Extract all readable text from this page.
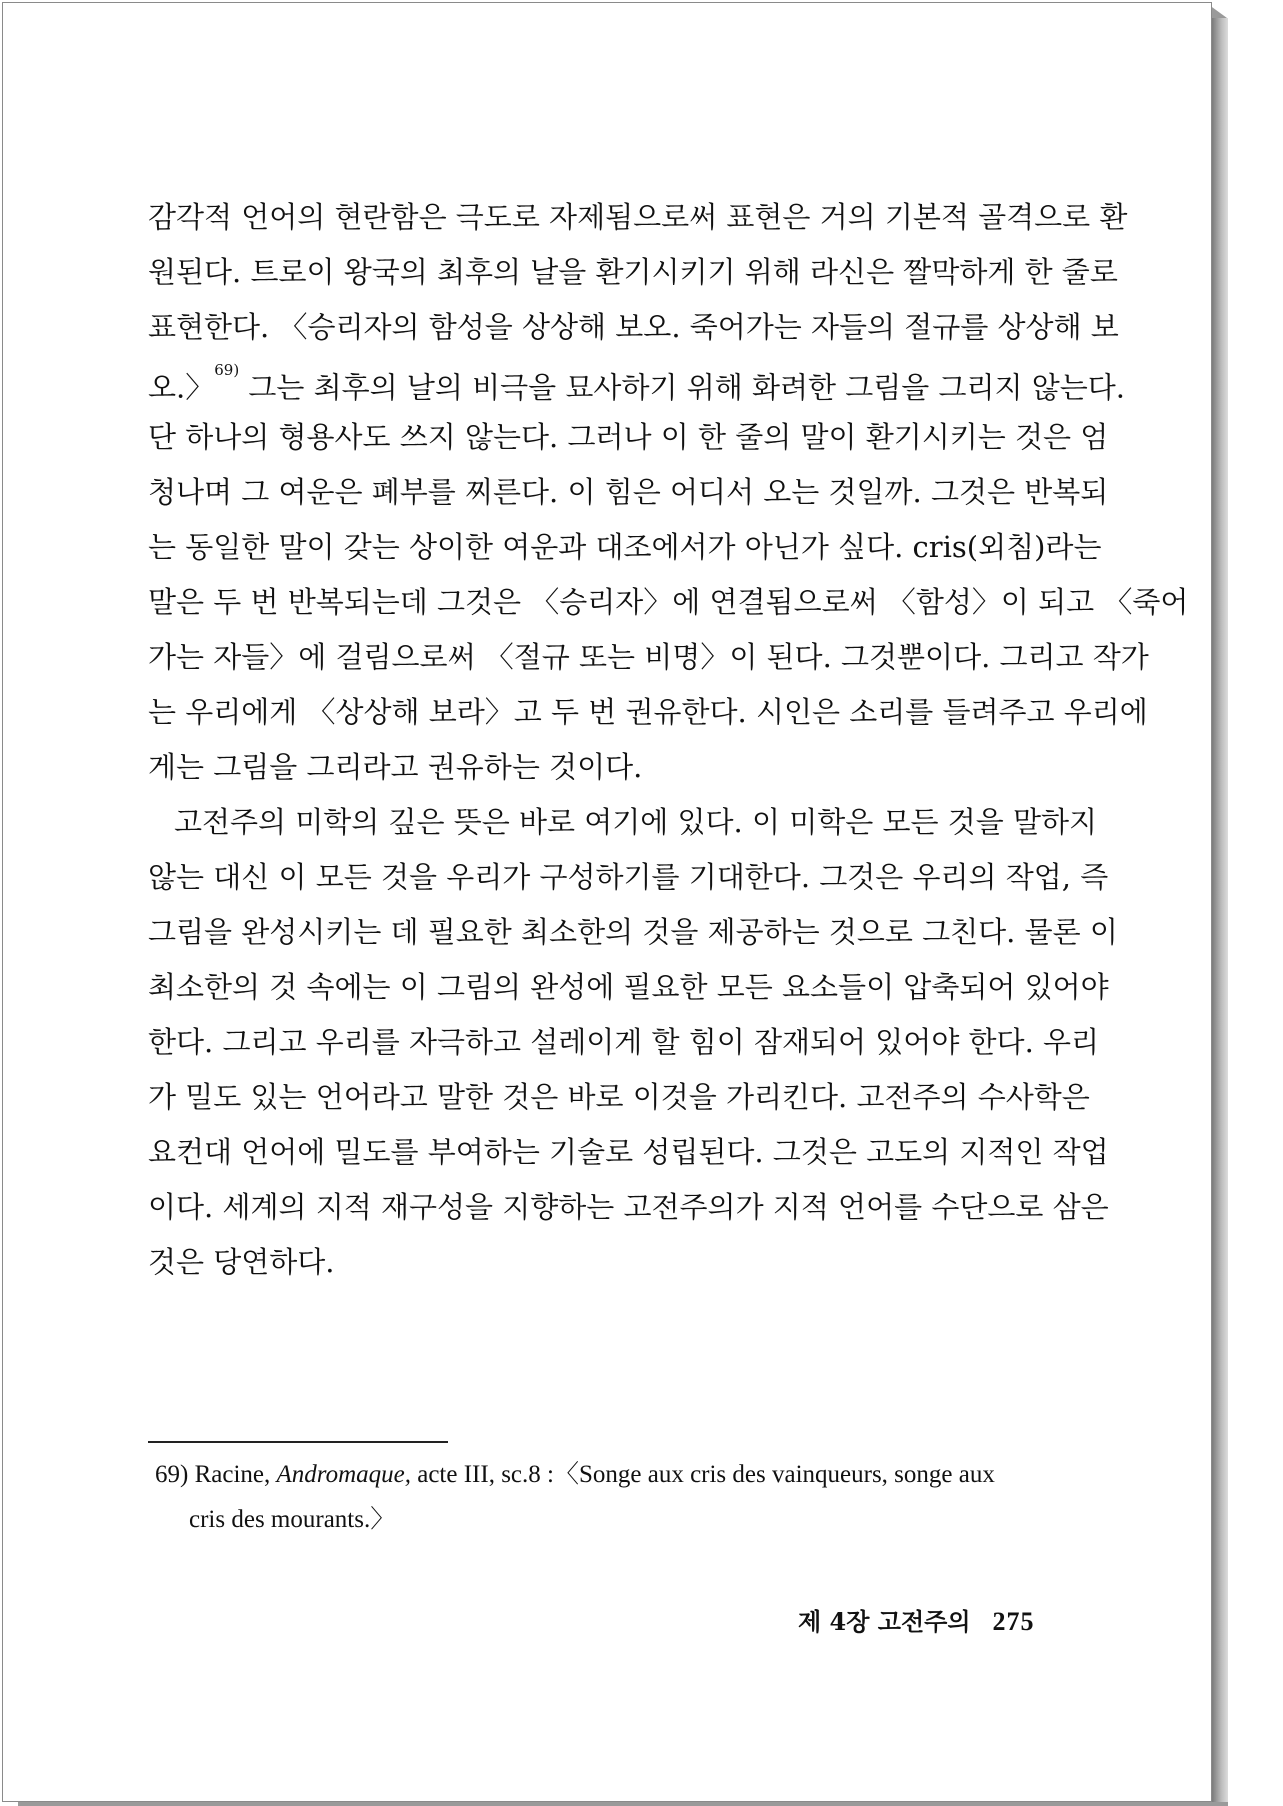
감각적 언어의 현란함은 극도로 자제됨으로써 표현은 거의 기본적 골격으로 환
원된다. 트로이 왕국의 최후의 날을 환기시키기 위해 라신은 짤막하게 한 줄로
표현한다. 〈승리자의 함성을 상상해 보오. 죽어가는 자들의 절규를 상상해 보
오.〉$^{69)}$ 그는 최후의 날의 비극을 묘사하기 위해 화려한 그림을 그리지 않는다.
단 하나의 형용사도 쓰지 않는다. 그러나 이 한 줄의 말이 환기시키는 것은 엄
청나며 그 여운은 폐부를 찌른다. 이 힘은 어디서 오는 것일까. 그것은 반복되
는 동일한 말이 갖는 상이한 여운과 대조에서가 아닌가 싶다. cris(외침)라는
말은 두 번 반복되는데 그것은 〈승리자〉에 연결됨으로써 〈함성〉이 되고 〈죽어
가는 자들〉에 걸림으로써 〈절규 또는 비명〉이 된다. 그것뿐이다. 그리고 작가
는 우리에게 〈상상해 보라〉고 두 번 권유한다. 시인은 소리를 들려주고 우리에
게는 그림을 그리라고 권유하는 것이다.
고전주의 미학의 깊은 뜻은 바로 여기에 있다. 이 미학은 모든 것을 말하지
않는 대신 이 모든 것을 우리가 구성하기를 기대한다. 그것은 우리의 작업, 즉
그림을 완성시키는 데 필요한 최소한의 것을 제공하는 것으로 그친다. 물론 이
최소한의 것 속에는 이 그림의 완성에 필요한 모든 요소들이 압축되어 있어야
한다. 그리고 우리를 자극하고 설레이게 할 힘이 잠재되어 있어야 한다. 우리
가 밀도 있는 언어라고 말한 것은 바로 이것을 가리킨다. 고전주의 수사학은
요컨대 언어에 밀도를 부여하는 기술로 성립된다. 그것은 고도의 지적인 작업
이다. 세계의 지적 재구성을 지향하는 고전주의가 지적 언어를 수단으로 삼은
것은 당연하다.
69) Racine, Andromaque, acte III, sc.8 :〈Songe aux cris des vainqueurs, songe aux
cris des mourants.〉
제 4장 고전주의 275
